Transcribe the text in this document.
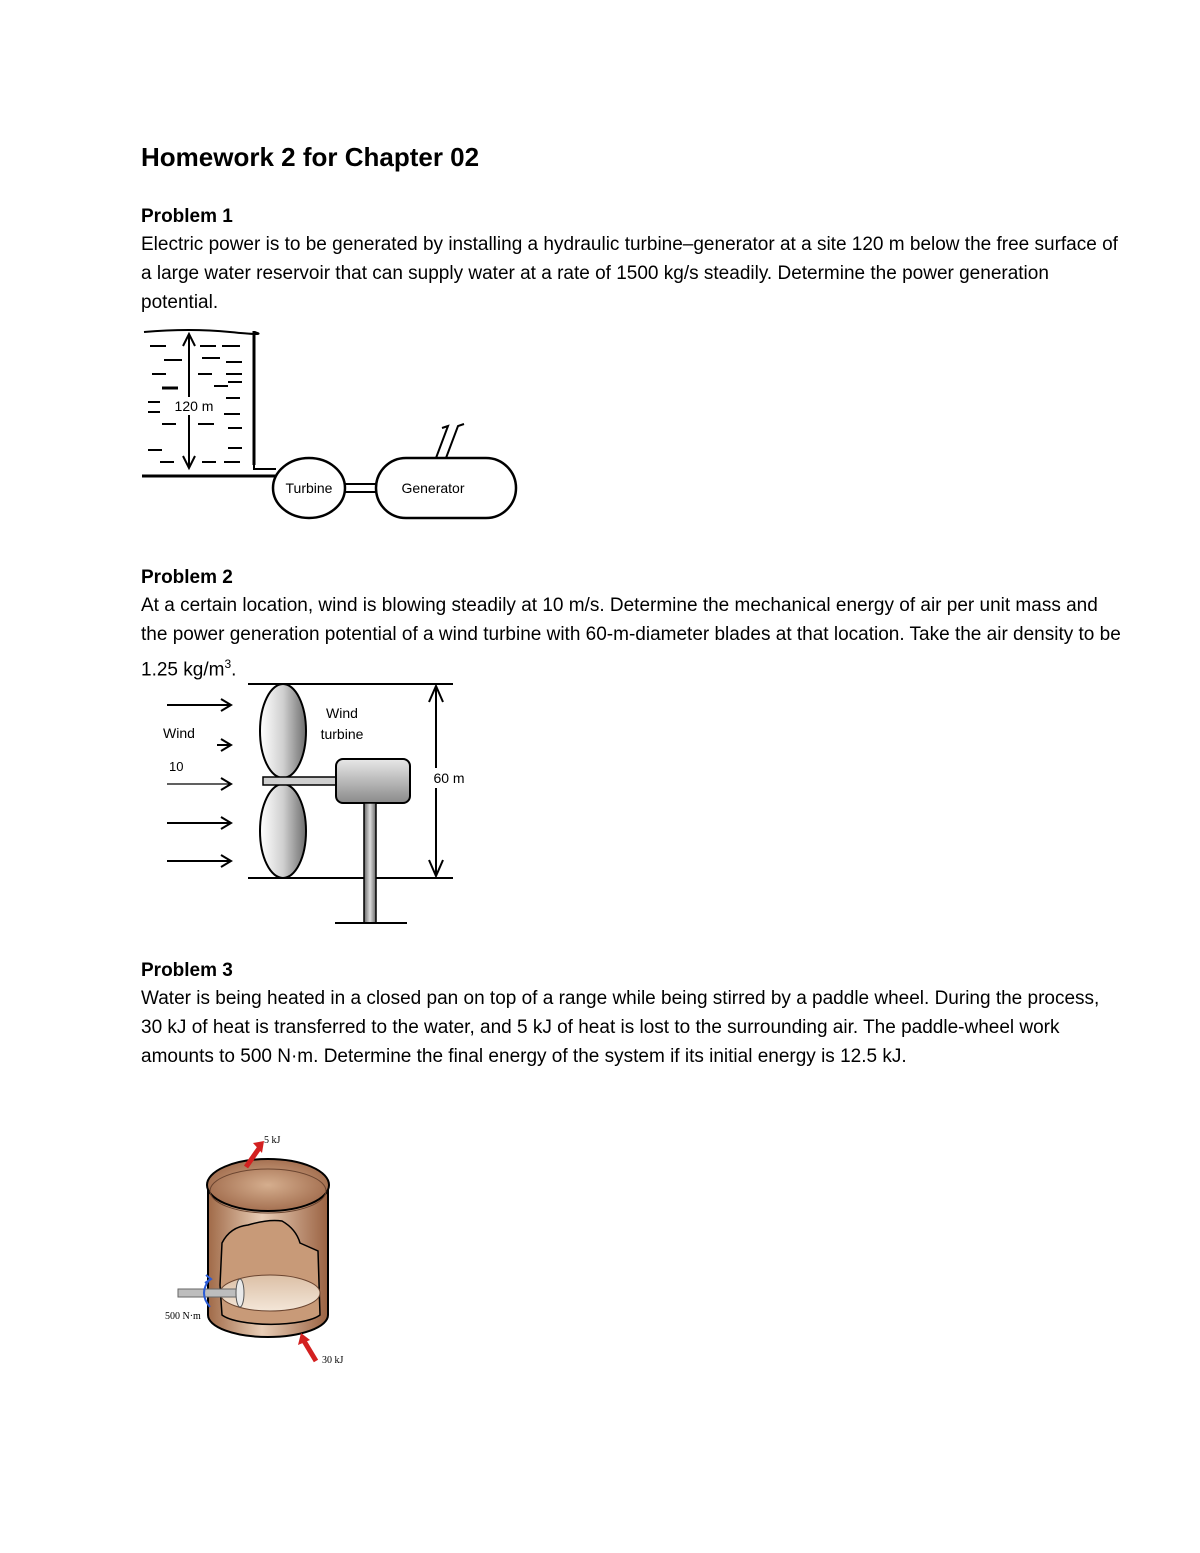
Homework 2 for Chapter 02
Problem 1

Electric power is to be generated by installing a hydraulic turbine–generator at a site 120 m below the free surface of a large water reservoir that can supply water at a rate of 1500 kg/s steadily. Determine the power generation potential.

120 m
Turbine	Generator
Problem 2

At a certain location, wind is blowing steadily at 10 m/s. Determine the mechanical energy of air per unit mass and the power generation potential of a wind turbine with 60-m-diameter blades at that location. Take the air density to be 1.25 $kg/m^3$.

Wind
10
Wind
turbine
60 m
Problem 3

Water is being heated in a closed pan on top of a range while being stirred by a paddle wheel. During the process, 30 kJ of heat is transferred to the water, and 5 kJ of heat is lost to the surrounding air. The paddle-wheel work amounts to 500 N·m. Determine the final energy of the system if its initial energy is 12.5 kJ.

5 kJ
30 kJ
500 N·m
